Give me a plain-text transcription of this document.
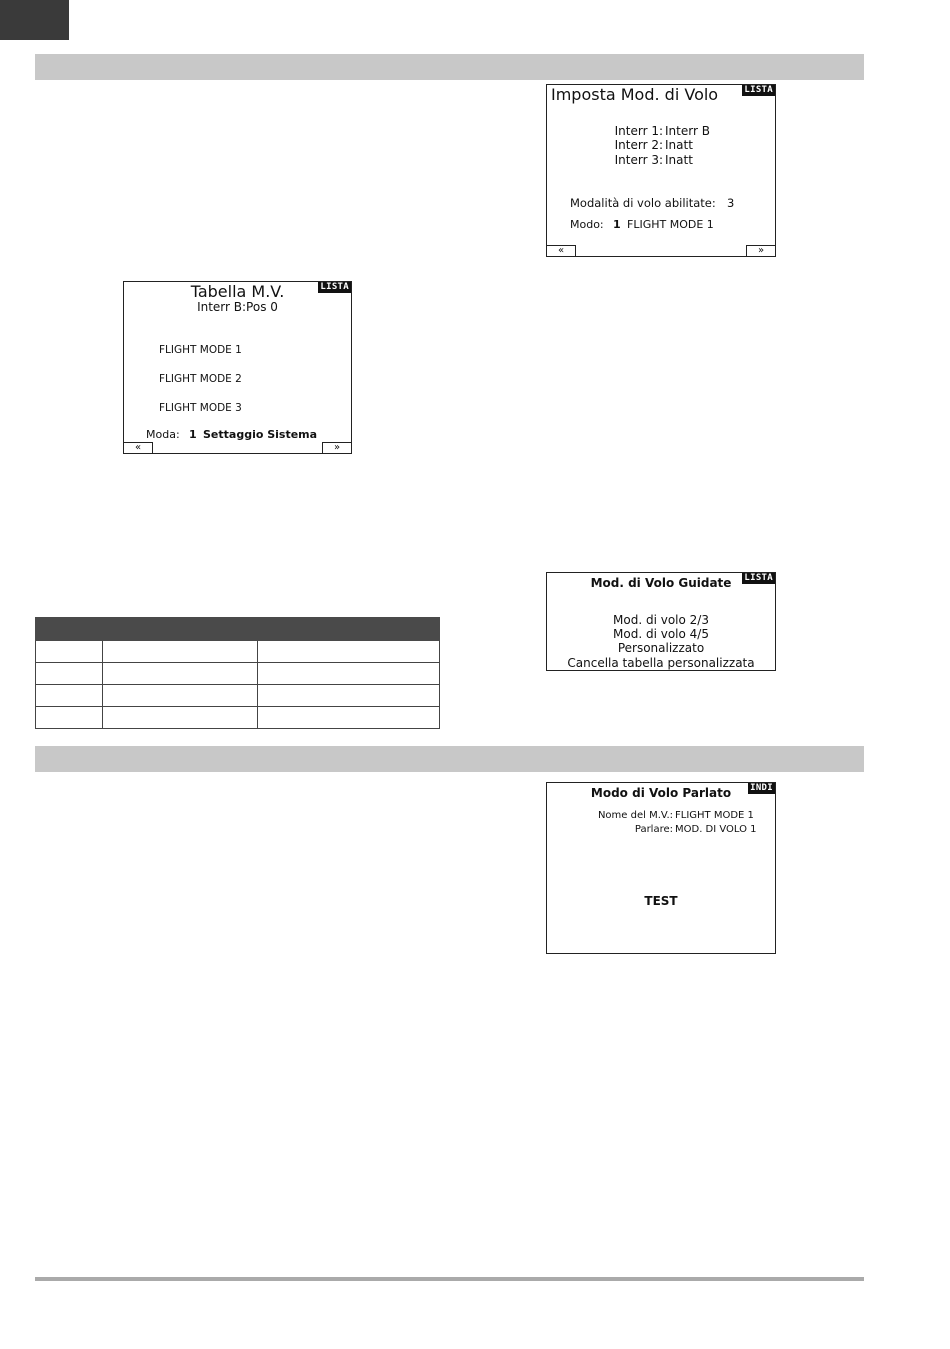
Imposta Mod. di Volo	LISTA
Interr 1: Interr B
Interr 2: Inatt
Interr 3: Inatt
Modalità di volo abilitate: 3
Modo: 1 FLIGHT MODE 1
«	»
Tabella M.V.	LISTA
Interr B:Pos 0
FLIGHT MODE 1
FLIGHT MODE 2
FLIGHT MODE 3
Moda: 1 Settaggio Sistema
«	»
Mod. di Volo Guidate	LISTA
Mod. di volo 2/3
Mod. di volo 4/5
Personalizzato
Cancella tabella personalizzata

Modo di Volo Parlato	INDI
Nome del M.V.: FLIGHT MODE 1
Parlare: MOD. DI VOLO 1
TEST
